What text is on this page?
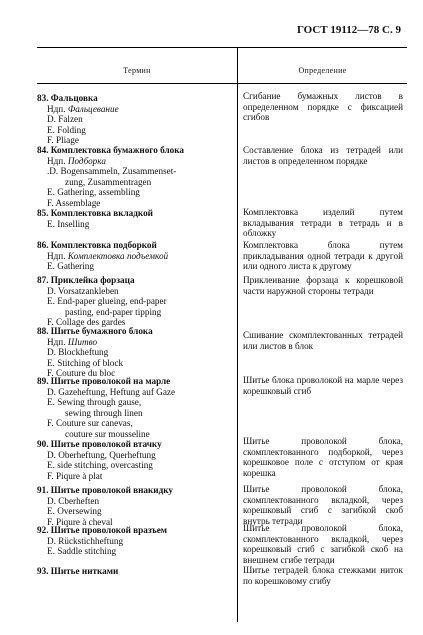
ГОСТ 19112—78 С. 9
Термин	Определение
83. Фальцовка
Ндп. Фальцевание
D. Falzen
E. Folding
F. Pliage
Сгибание бумажных листов в определенном порядке с фиксацией сгибов
84. Комплектовка бумажного блока
Ндп. Подборка
.D. Bogensammeln, Zusammenset-
zung, Zusammentragen
E. Gathering, assembling
F. Assemblage
Составление блока из тетрадей или листов в определенном порядке
85. Комплектовка вкладкой
E. Inselling
Комплектовка изделий путем вкладывания тетради в тетрадь и в обложку
86. Комплектовка подборкой
Ндп. Комплектовка подъемкой
E. Gathering
Комплектовка блока путем прикладывания одной тетради к другой или одного листа к другому
87. Приклейка форзаца
D. Vorsatzankleben
E. End-paper glueing, end-paper
pasting, end-paper tipping
F. Collage des gardes
Приклеивание форзаца к корешковой части наружной стороны тетради
88. Шитье бумажного блока
Ндп. Шитво
D. Blockheftung
E. Stitching of block
F. Couture du bloc
Сшивание скомплектованных тетрадей или листов в блок
89. Шитье проволокой на марле
D. Gazeheftung, Heftung auf Gaze
E. Sewing through gause,
sewing through linen
F. Couture sur canevas,
couture sur mousseline
Шитье блока проволокой на марле через корешковый сгиб
90. Шитье проволокой втачку
D. Oberheftung, Querheftung
E. side stitching, overcasting
F. Piqure à plat
Шитье проволокой блока, скомплектованного подборкой, через корешковое поле с отступом от края корешка
91. Шитье проволокой внакидку
D. Cberheften
E. Oversewing
F. Piqure à cheval
Шитье проволокой блока, скомплектованного вкладкой, через корешковый сгиб с загибкой скоб внутрь тетради
92. Шитье проволокой вразъем
D. Rückstichheftung
E. Saddle stitching
Шитье проволокой блока, скомплектованного вкладкой, через корешковый сгиб с загибкой скоб на внешнем сгибе тетради
93. Шитье нитками	Шитье тетрадей блока стежками ниток по корешковому сгибу
